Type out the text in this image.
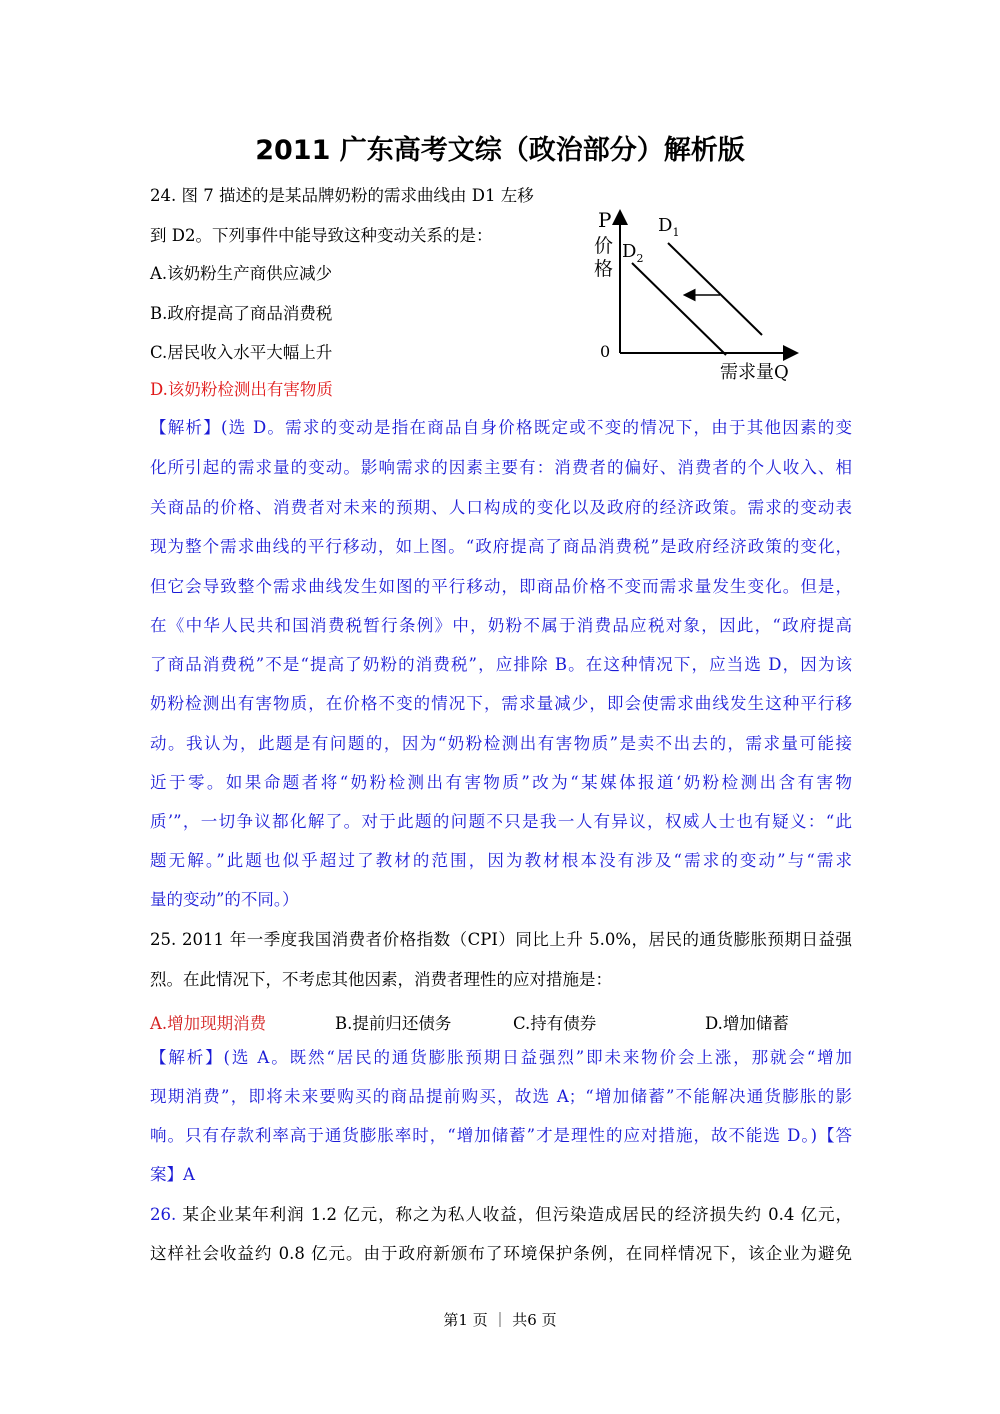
2011 广东高考文综（政治部分）解析版
24. 图 7 描述的是某品牌奶粉的需求曲线由 D1 左移
到 D2。下列事件中能导致这种变动关系的是：
A.该奶粉生产商供应减少
B.政府提高了商品消费税
C.居民收入水平大幅上升
D.该奶粉检测出有害物质
P
价
格
0
需求量Q
$D_1$
$D_2$
【解析】(选 D。需求的变动是指在商品自身价格既定或不变的情况下，由于其他因素的变
化所引起的需求量的变动。影响需求的因素主要有：消费者的偏好、消费者的个人收入、相
关商品的价格、消费者对未来的预期、人口构成的变化以及政府的经济政策。需求的变动表
现为整个需求曲线的平行移动，如上图。“政府提高了商品消费税”是政府经济政策的变化，
但它会导致整个需求曲线发生如图的平行移动，即商品价格不变而需求量发生变化。但是，
在《中华人民共和国消费税暂行条例》中，奶粉不属于消费品应税对象，因此，“政府提高
了商品消费税”不是“提高了奶粉的消费税”，应排除 B。在这种情况下，应当选 D，因为该
奶粉检测出有害物质，在价格不变的情况下，需求量减少，即会使需求曲线发生这种平行移
动。我认为，此题是有问题的，因为“奶粉检测出有害物质”是卖不出去的，需求量可能接
近于零。如果命题者将“奶粉检测出有害物质”改为“某媒体报道‘奶粉检测出含有害物
质’”，一切争议都化解了。对于此题的问题不只是我一人有异议，权威人士也有疑义：“此
题无解。”此题也似乎超过了教材的范围，因为教材根本没有涉及“需求的变动”与“需求
量的变动”的不同。）
25. 2011 年一季度我国消费者价格指数（CPI）同比上升 5.0%，居民的通货膨胀预期日益强
烈。在此情况下，不考虑其他因素，消费者理性的应对措施是：
A.增加现期消费	B.提前归还债务	C.持有债券	D.增加储蓄
【解析】(选 A。既然“居民的通货膨胀预期日益强烈”即未来物价会上涨，那就会“增加
现期消费”，即将未来要购买的商品提前购买，故选 A；“增加储蓄”不能解决通货膨胀的影
响。只有存款利率高于通货膨胀率时，“增加储蓄”才是理性的应对措施，故不能选 D。)【答
案】A
26. 某企业某年利润 1.2 亿元，称之为私人收益，但污染造成居民的经济损失约 0.4 亿元，
这样社会收益约 0.8 亿元。由于政府新颁布了环境保护条例，在同样情况下，该企业为避免
第1 页 ｜ 共6 页
